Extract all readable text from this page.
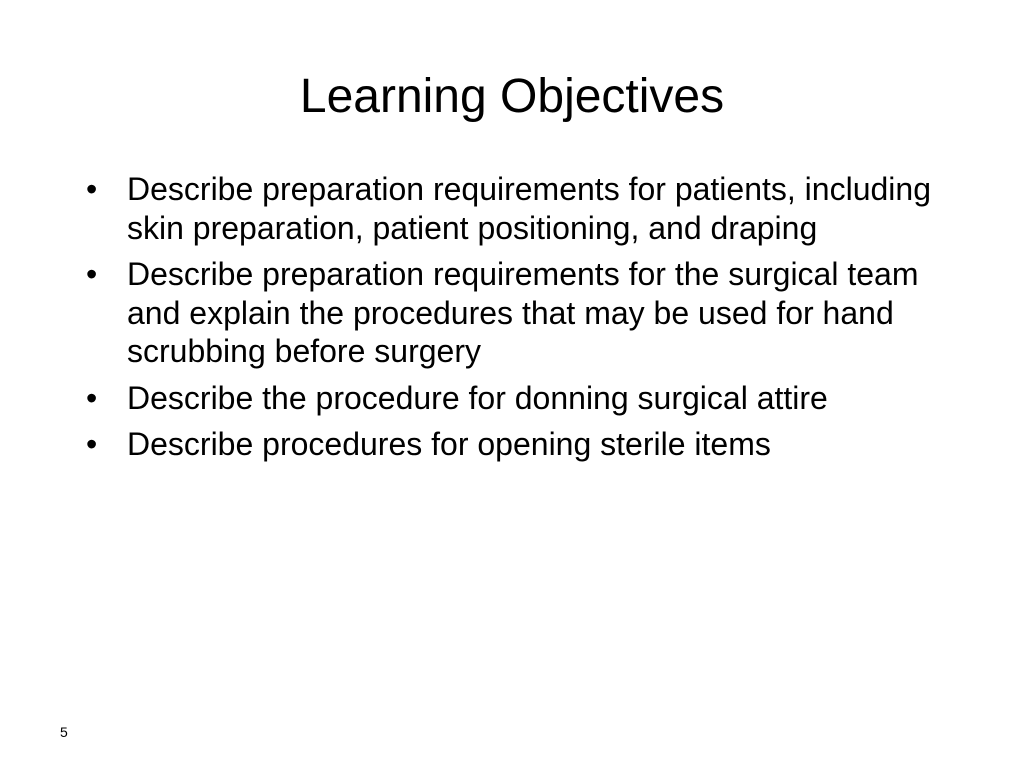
Learning Objectives
• Describe preparation requirements for patients, including skin preparation, patient positioning, and draping
• Describe preparation requirements for the surgical team and explain the procedures that may be used for hand scrubbing before surgery
• Describe the procedure for donning surgical attire
• Describe procedures for opening sterile items
5
